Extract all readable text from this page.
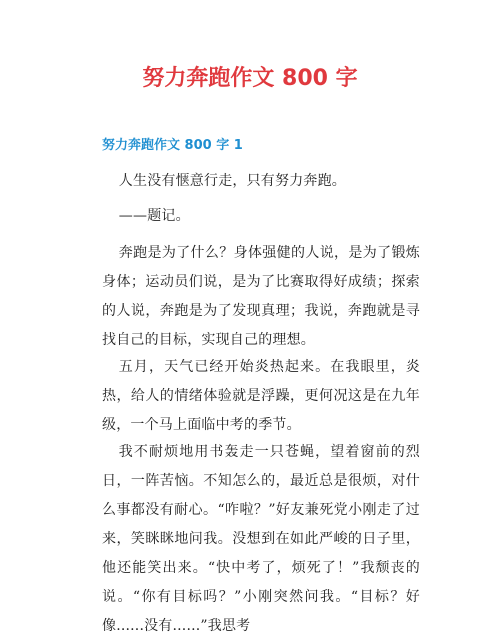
努力奔跑作文 800 字
努力奔跑作文 800 字 1

人生没有惬意行走，只有努力奔跑。

——题记。

奔跑是为了什么？身体强健的人说，是为了锻炼身体；运动员们说，是为了比赛取得好成绩；探索的人说，奔跑是为了发现真理；我说，奔跑就是寻找自己的目标，实现自己的理想。

五月，天气已经开始炎热起来。在我眼里，炎热，给人的情绪体验就是浮躁，更何况这是在九年级，一个马上面临中考的季节。

我不耐烦地用书轰走一只苍蝇，望着窗前的烈日，一阵苦恼。不知怎么的，最近总是很烦，对什么事都没有耐心。“咋啦？”好友兼死党小刚走了过来，笑眯眯地问我。没想到在如此严峻的日子里，他还能笑出来。“快中考了，烦死了！”我颓丧的说。“你有目标吗？”小刚突然问我。“目标？好像......没有......”我思考
